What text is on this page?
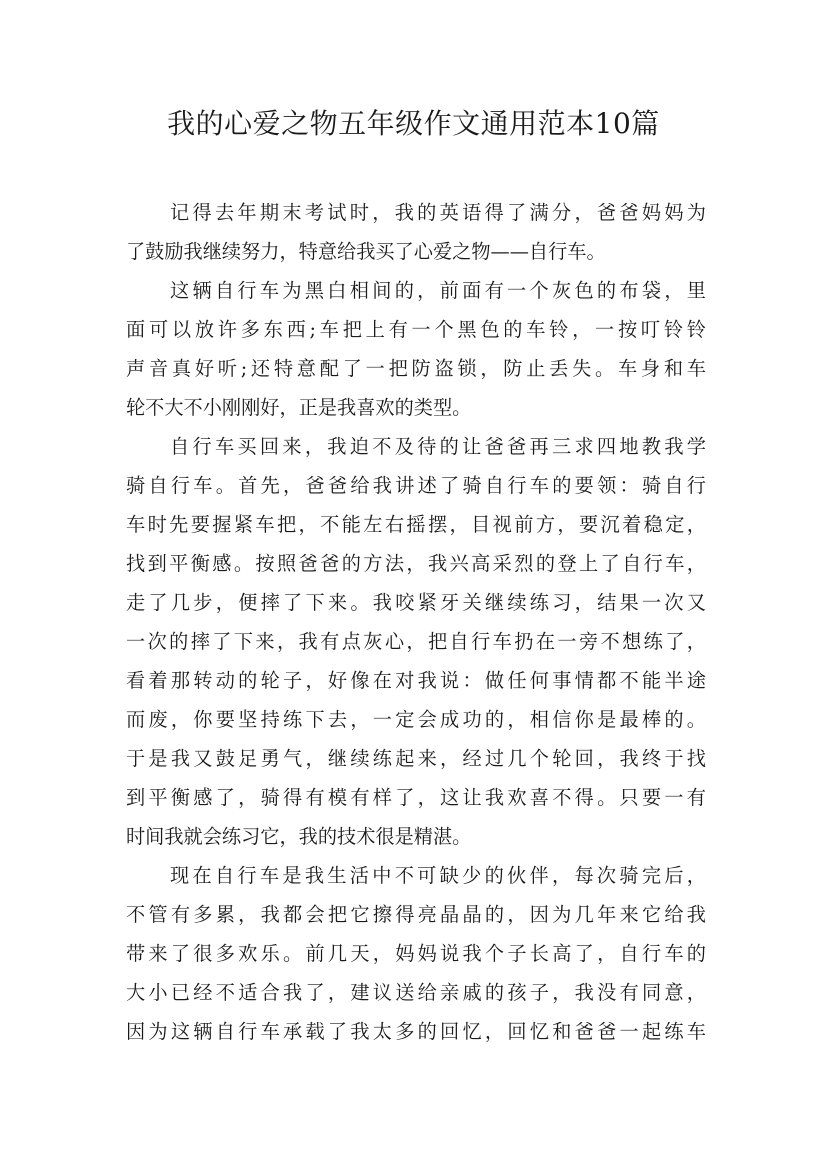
我的心爱之物五年级作文通用范本10篇
记得去年期末考试时，我的英语得了满分，爸爸妈妈为
了鼓励我继续努力，特意给我买了心爱之物——自行车。
这辆自行车为黑白相间的，前面有一个灰色的布袋，里
面可以放许多东西;车把上有一个黑色的车铃，一按叮铃铃
声音真好听;还特意配了一把防盗锁，防止丢失。车身和车
轮不大不小刚刚好，正是我喜欢的类型。
自行车买回来，我迫不及待的让爸爸再三求四地教我学
骑自行车。首先，爸爸给我讲述了骑自行车的要领：骑自行
车时先要握紧车把，不能左右摇摆，目视前方，要沉着稳定，
找到平衡感。按照爸爸的方法，我兴高采烈的登上了自行车，
走了几步，便摔了下来。我咬紧牙关继续练习，结果一次又
一次的摔了下来，我有点灰心，把自行车扔在一旁不想练了，
看着那转动的轮子，好像在对我说：做任何事情都不能半途
而废，你要坚持练下去，一定会成功的，相信你是最棒的。
于是我又鼓足勇气，继续练起来，经过几个轮回，我终于找
到平衡感了，骑得有模有样了，这让我欢喜不得。只要一有
时间我就会练习它，我的技术很是精湛。
现在自行车是我生活中不可缺少的伙伴，每次骑完后，
不管有多累，我都会把它擦得亮晶晶的，因为几年来它给我
带来了很多欢乐。前几天，妈妈说我个子长高了，自行车的
大小已经不适合我了，建议送给亲戚的孩子，我没有同意，
因为这辆自行车承载了我太多的回忆，回忆和爸爸一起练车
